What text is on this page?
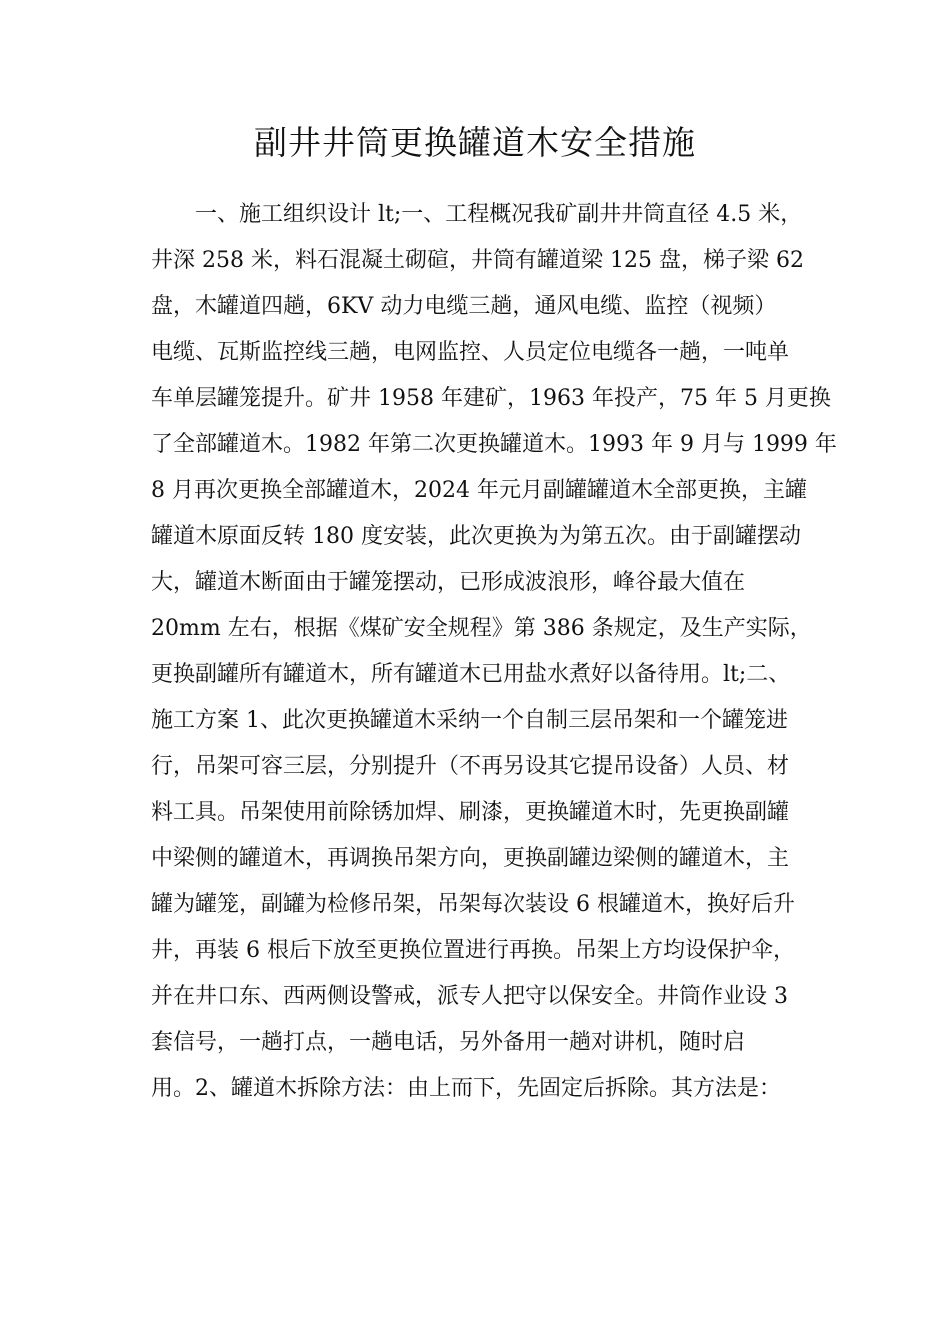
副井井筒更换罐道木安全措施
一、施工组织设计 lt;一、工程概况我矿副井井筒直径 4.5 米，
井深 258 米，料石混凝土砌碹，井筒有罐道梁 125 盘，梯子梁 62
盘，木罐道四趟，6KV 动力电缆三趟，通风电缆、监控（视频）
电缆、瓦斯监控线三趟，电网监控、人员定位电缆各一趟，一吨单
车单层罐笼提升。矿井 1958 年建矿，1963 年投产，75 年 5 月更换
了全部罐道木。1982 年第二次更换罐道木。1993 年 9 月与 1999 年
8 月再次更换全部罐道木，2024 年元月副罐罐道木全部更换，主罐
罐道木原面反转 180 度安装，此次更换为为第五次。由于副罐摆动
大，罐道木断面由于罐笼摆动，已形成波浪形，峰谷最大值在
20mm 左右，根据《煤矿安全规程》第 386 条规定，及生产实际，
更换副罐所有罐道木，所有罐道木已用盐水煮好以备待用。lt;二、
施工方案 1、此次更换罐道木采纳一个自制三层吊架和一个罐笼进
行，吊架可容三层，分别提升（不再另设其它提吊设备）人员、材
料工具。吊架使用前除锈加焊、刷漆，更换罐道木时，先更换副罐
中梁侧的罐道木，再调换吊架方向，更换副罐边梁侧的罐道木，主
罐为罐笼，副罐为检修吊架，吊架每次装设 6 根罐道木，换好后升
井，再装 6 根后下放至更换位置进行再换。吊架上方均设保护伞，
并在井口东、西两侧设警戒，派专人把守以保安全。井筒作业设 3
套信号，一趟打点，一趟电话，另外备用一趟对讲机，随时启
用。2、罐道木拆除方法：由上而下，先固定后拆除。其方法是：
